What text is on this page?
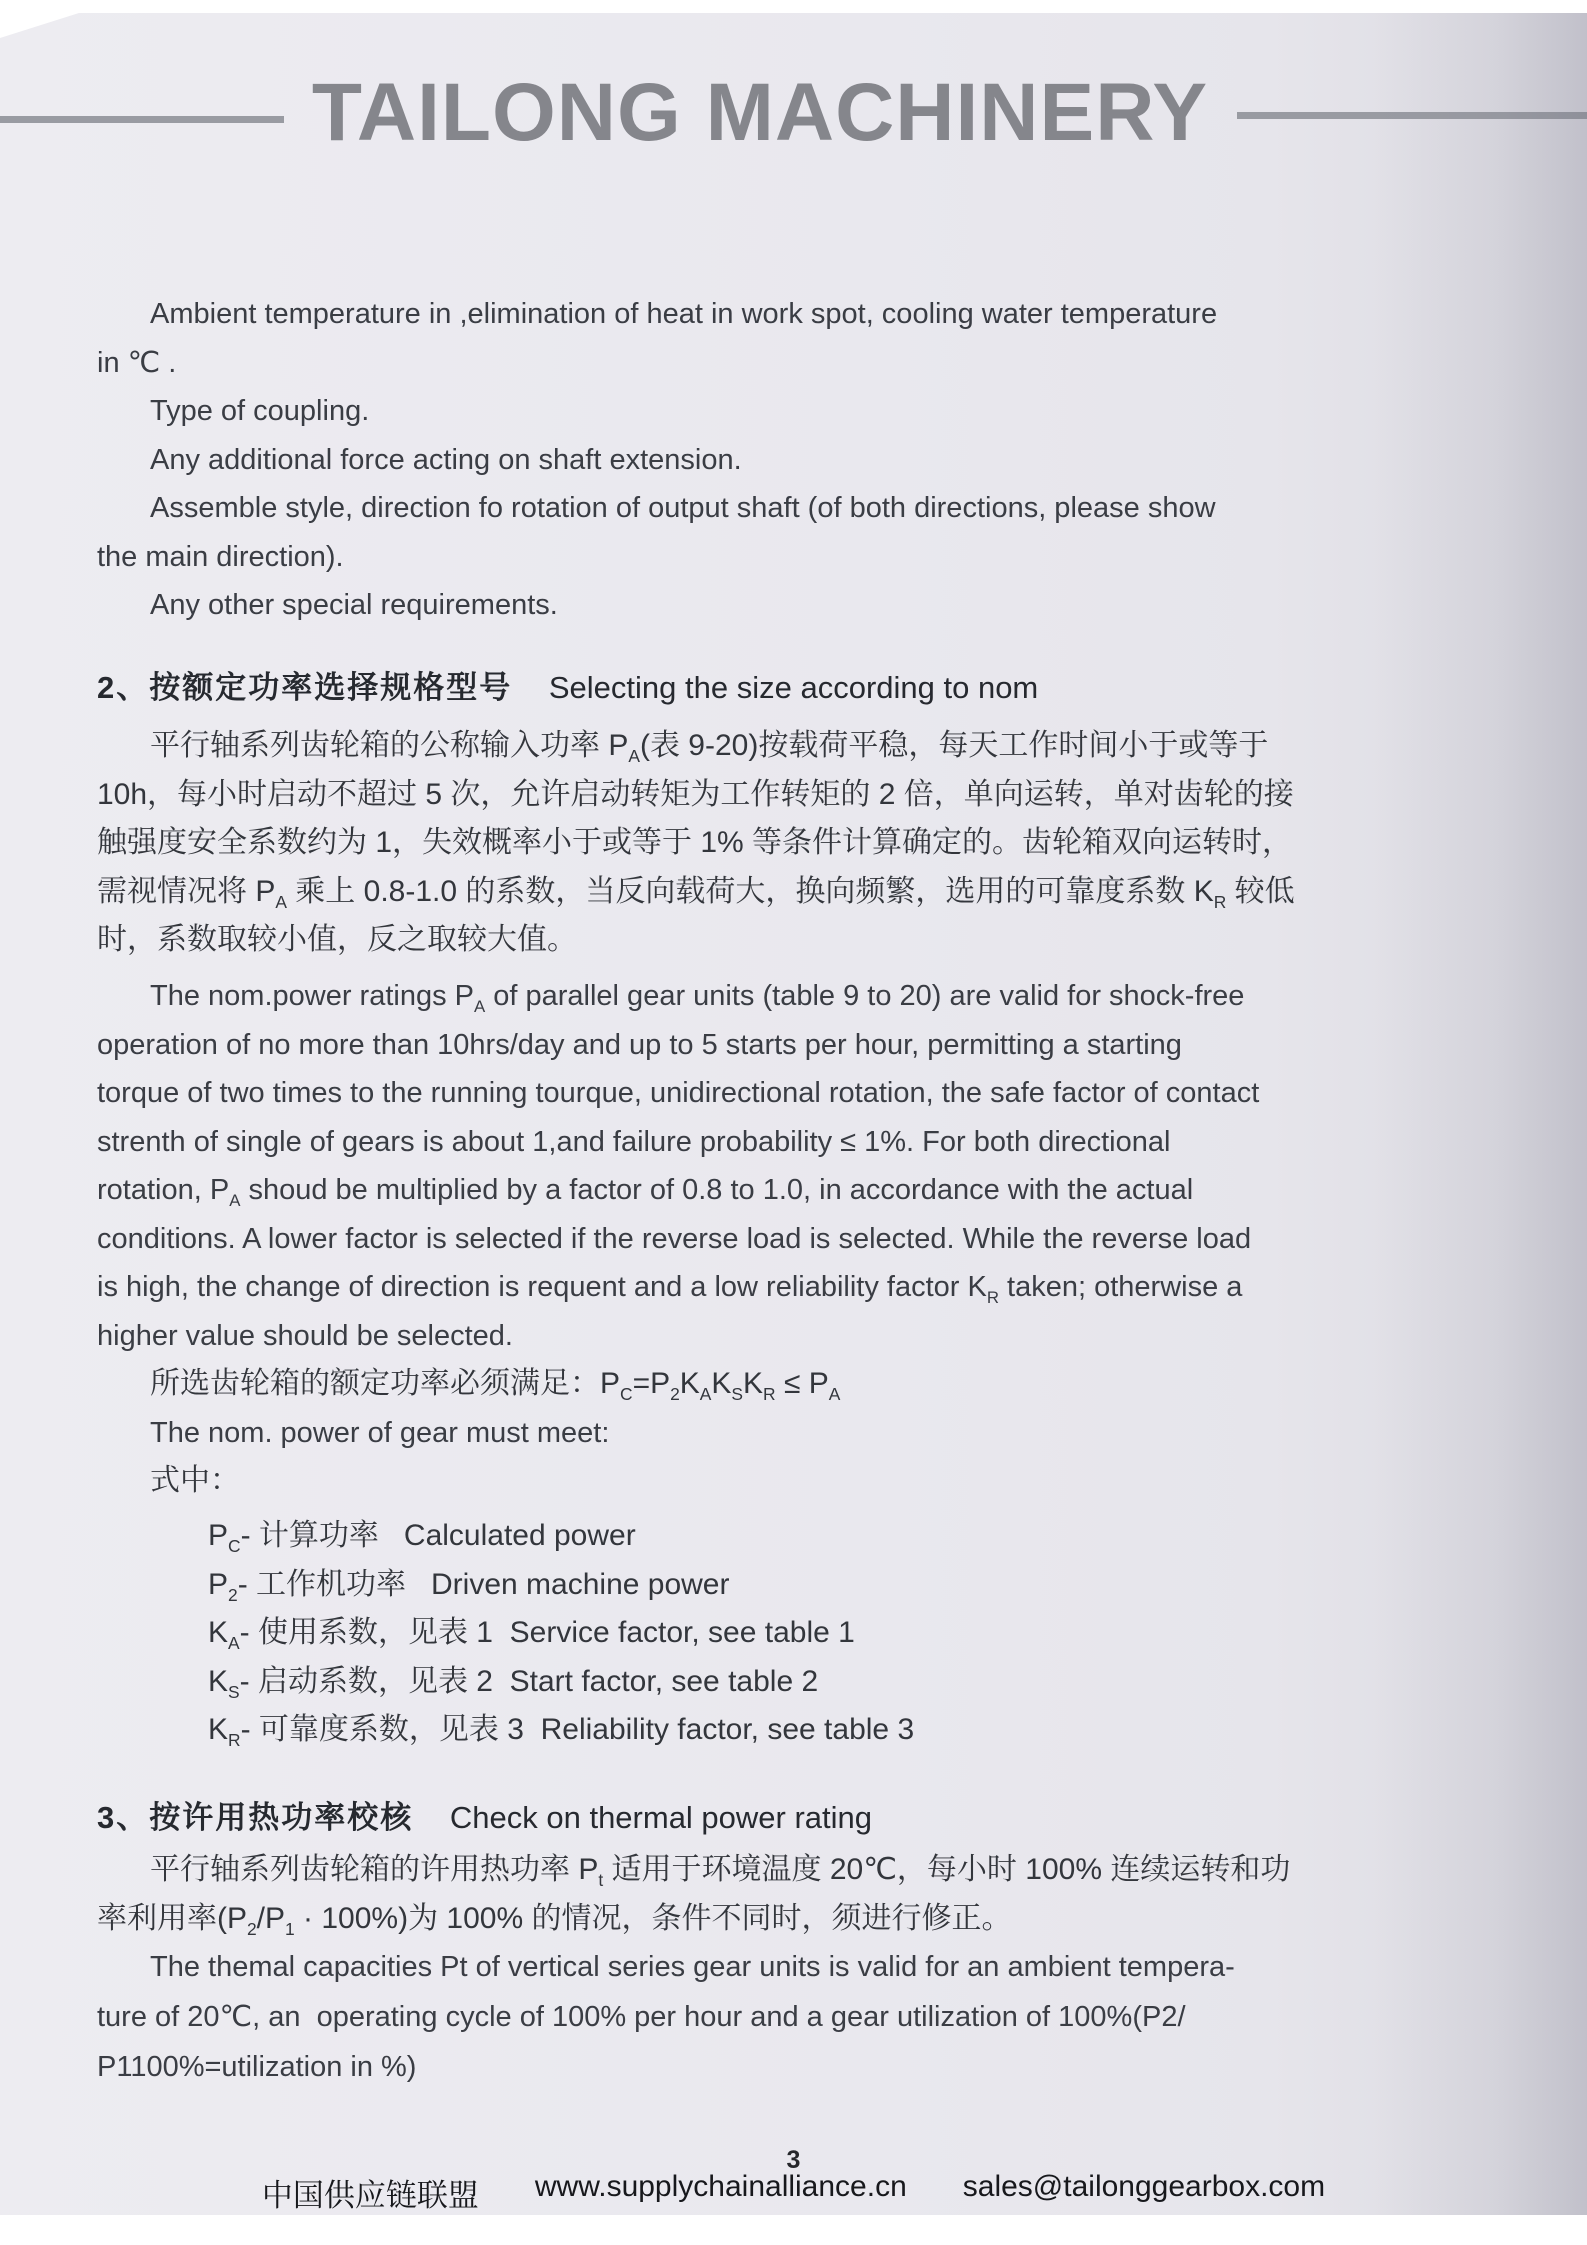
TAILONG MACHINERY
Ambient temperature in ,elimination of heat in work spot, cooling water temperature
in ℃ .
Type of coupling.
Any additional force acting on shaft extension.
Assemble style, direction fo rotation of output shaft (of both directions, please show
the main direction).
Any other special requirements.
2、按额定功率选择规格型号 Selecting the size according to nom
平行轴系列齿轮箱的公称输入功率 $P_A$(表 9-20)按载荷平稳，每天工作时间小于或等于
10h，每小时启动不超过 5 次，允许启动转矩为工作转矩的 2 倍，单向运转，单对齿轮的接
触强度安全系数约为 1，失效概率小于或等于 1% 等条件计算确定的。齿轮箱双向运转时，
需视情况将 $P_A$ 乘上 0.8-1.0 的系数，当反向载荷大，换向频繁，选用的可靠度系数 $K_R$ 较低
时，系数取较小值，反之取较大值。
The nom.power ratings $P_A$ of parallel gear units (table 9 to 20) are valid for shock-free
operation of no more than 10hrs/day and up to 5 starts per hour, permitting a starting
torque of two times to the running tourque, unidirectional rotation, the safe factor of contact
strenth of single of gears is about 1,and failure probability ≤ 1%. For both directional
rotation, $P_A$ shoud be multiplied by a factor of 0.8 to 1.0, in accordance with the actual
conditions. A lower factor is selected if the reverse load is selected. While the reverse load
is high, the change of direction is requent and a low reliability factor $K_R$ taken; otherwise a
higher value should be selected.
所选齿轮箱的额定功率必须满足：$P_C=P_2K_AK_SK_R \le P_A$
The nom. power of gear must meet:
式中：
$P_C-$ 计算功率   Calculated power
$P_2-$ 工作机功率   Driven machine power
$K_A-$ 使用系数，见表 1  Service factor, see table 1
$K_S-$ 启动系数，见表 2  Start factor, see table 2
$K_R-$ 可靠度系数，见表 3  Reliability factor, see table 3
3、按许用热功率校核 Check on thermal power rating
平行轴系列齿轮箱的许用热功率 $P_t$ 适用于环境温度 20℃，每小时 100% 连续运转和功
率利用率$(P_2/P_1 \cdot 100\%)$为 100% 的情况，条件不同时，须进行修正。
The themal capacities Pt of vertical series gear units is valid for an ambient tempera-
ture of 20℃, an  operating cycle of 100% per hour and a gear utilization of 100%(P2/
P1100%=utilization in %)
3
中国供应链联盟 www.supplychainalliance.cn sales@tailonggearbox.com
